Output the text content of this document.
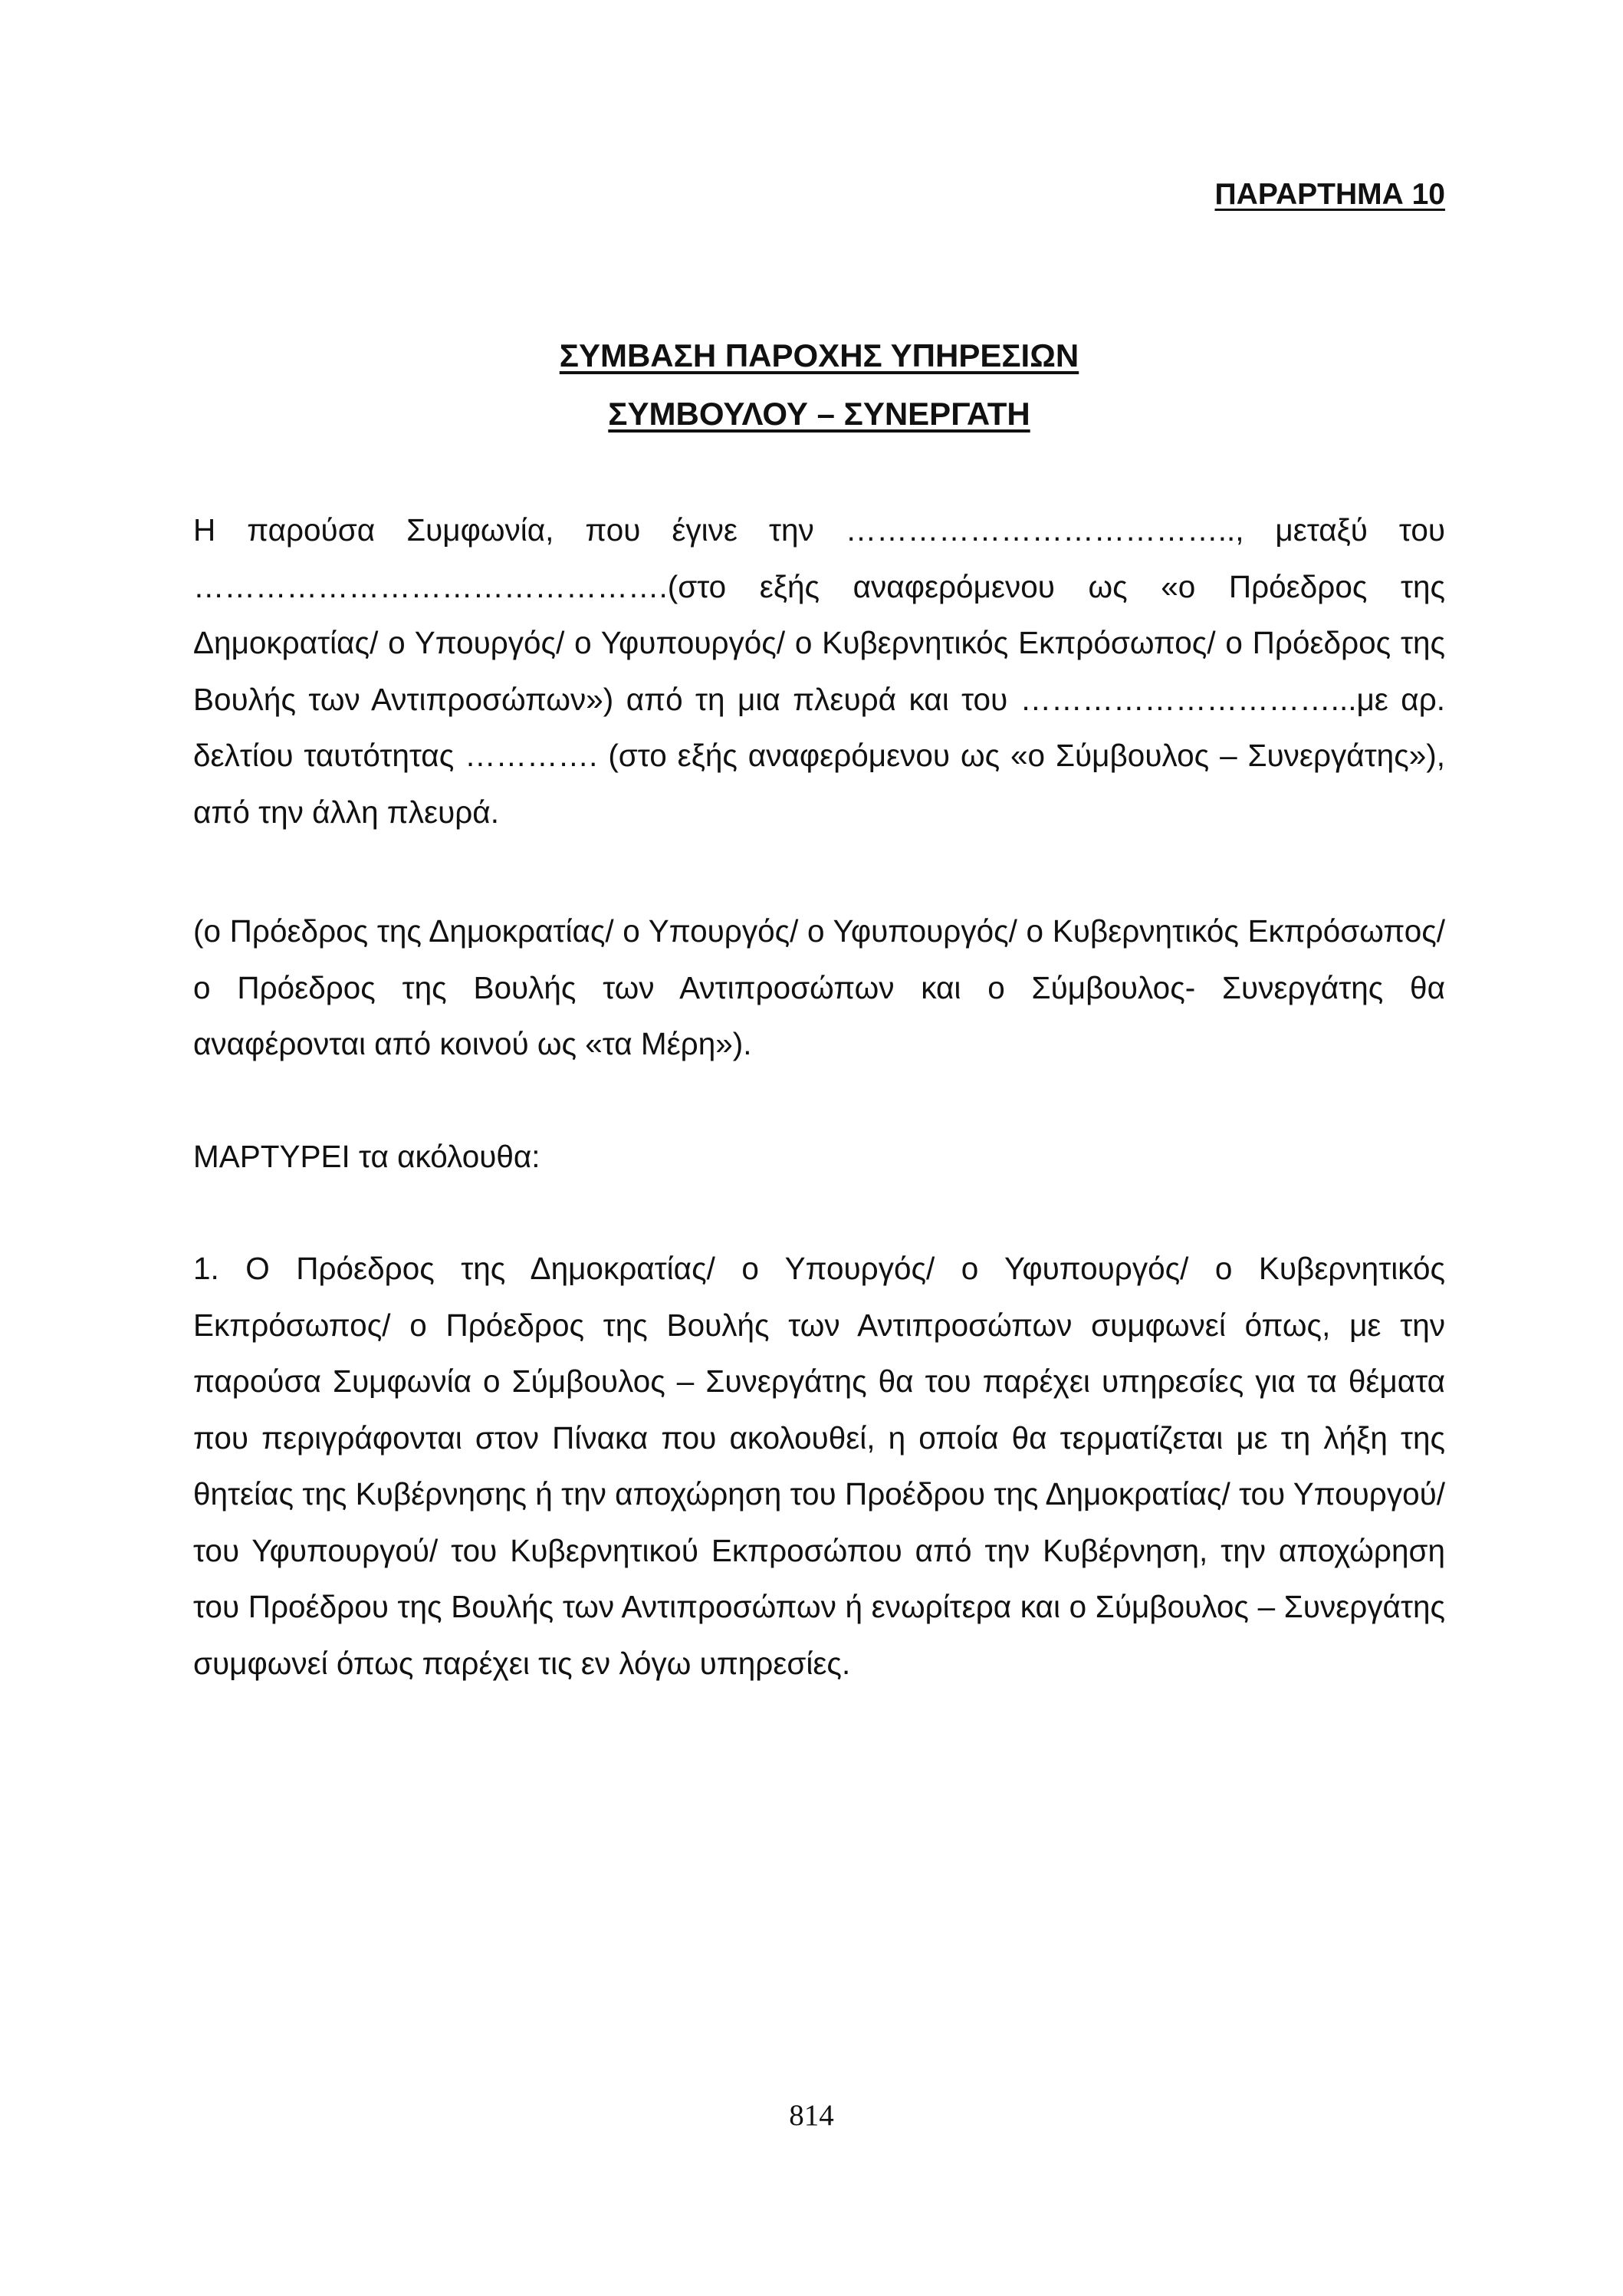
ΠΑΡΑΡΤΗΜΑ 10
ΣΥΜΒΑΣΗ ΠΑΡΟΧΗΣ ΥΠΗΡΕΣΙΩΝ
ΣΥΜΒΟΥΛΟΥ – ΣΥΝΕΡΓΑΤΗ

Η παρούσα Συμφωνία, που έγινε την ……………………………….., μεταξύ του ……………………………………….(στο εξής αναφερόμενου ως «ο Πρόεδρος της Δημοκρατίας/ ο Υπουργός/ ο Υφυπουργός/ ο Κυβερνητικός Εκπρόσωπος/ ο Πρόεδρος της Βουλής των Αντιπροσώπων») από τη μια πλευρά και του …………………………...με αρ. δελτίου ταυτότητας …………. (στο εξής αναφερόμενου ως «ο Σύμβουλος – Συνεργάτης»), από την άλλη πλευρά.

(ο Πρόεδρος της Δημοκρατίας/ ο Υπουργός/ ο Υφυπουργός/ ο Κυβερνητικός Εκπρόσωπος/ ο Πρόεδρος της Βουλής των Αντιπροσώπων και ο Σύμβουλος- Συνεργάτης θα αναφέρονται από κοινού ως «τα Μέρη»).

ΜΑΡΤΥΡΕΙ τα ακόλουθα:

1. Ο Πρόεδρος της Δημοκρατίας/ ο Υπουργός/ ο Υφυπουργός/ ο Κυβερνητικός Εκπρόσωπος/ ο Πρόεδρος της Βουλής των Αντιπροσώπων συμφωνεί όπως, με την παρούσα Συμφωνία ο Σύμβουλος – Συνεργάτης θα του παρέχει υπηρεσίες για τα θέματα που περιγράφονται στον Πίνακα που ακολουθεί, η οποία θα τερματίζεται με τη λήξη της θητείας της Κυβέρνησης ή την αποχώρηση του Προέδρου της Δημοκρατίας/ του Υπουργού/ του Υφυπουργού/ του Κυβερνητικού Εκπροσώπου από την Κυβέρνηση, την αποχώρηση του Προέδρου της Βουλής των Αντιπροσώπων ή ενωρίτερα και ο Σύμβουλος – Συνεργάτης συμφωνεί όπως παρέχει τις εν λόγω υπηρεσίες.

814
